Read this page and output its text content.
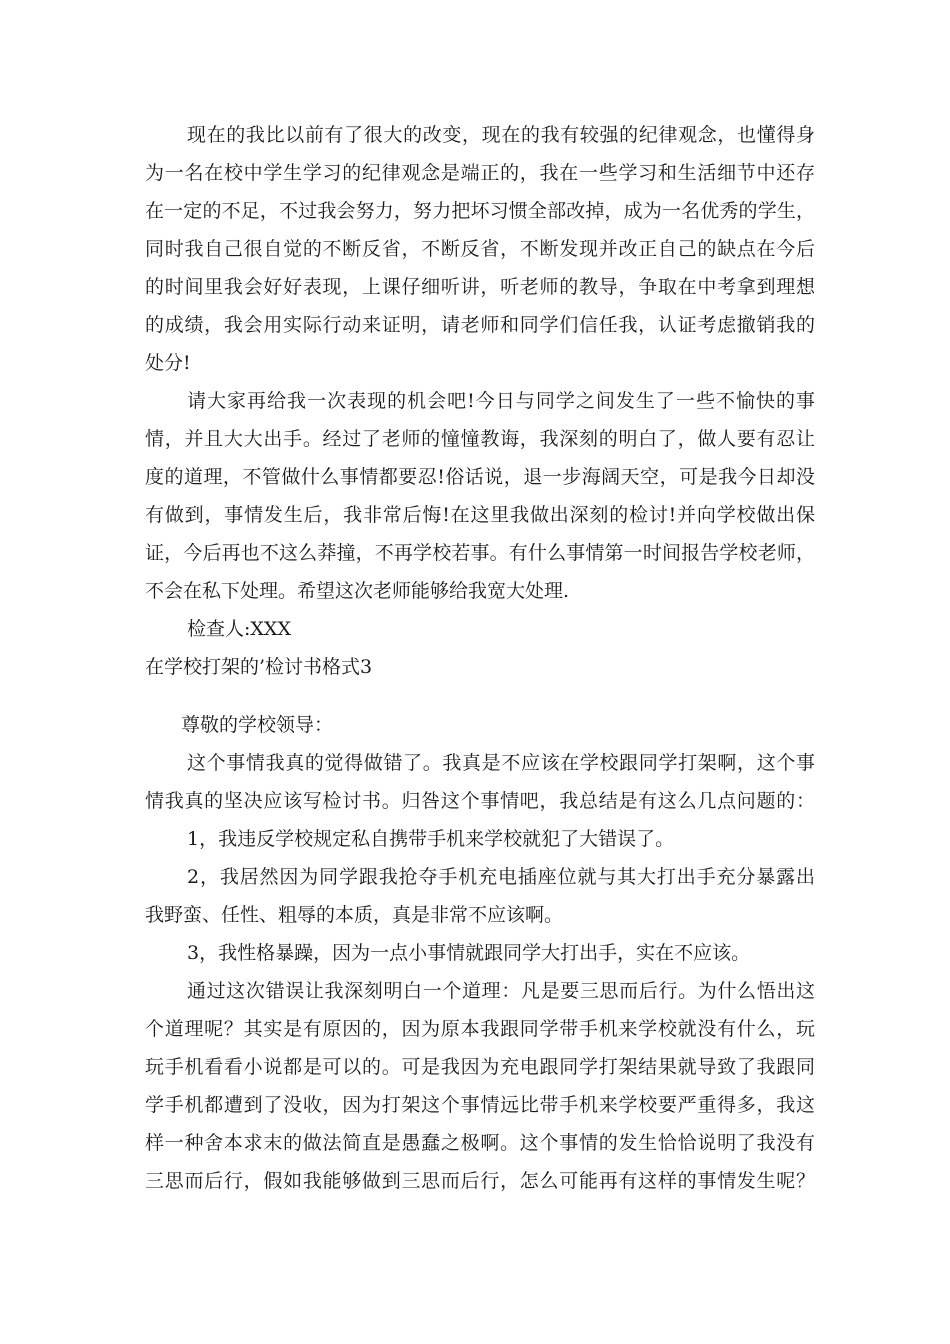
现在的我比以前有了很大的改变，现在的我有较强的纪律观念，也懂得身
为一名在校中学生学习的纪律观念是端正的，我在一些学习和生活细节中还存
在一定的不足，不过我会努力，努力把坏习惯全部改掉，成为一名优秀的学生，
同时我自己很自觉的不断反省，不断反省，不断发现并改正自己的缺点在今后
的时间里我会好好表现，上课仔细听讲，听老师的教导，争取在中考拿到理想
的成绩，我会用实际行动来证明，请老师和同学们信任我，认证考虑撤销我的
处分!
请大家再给我一次表现的机会吧!今日与同学之间发生了一些不愉快的事
情，并且大大出手。经过了老师的憧憧教诲，我深刻的明白了，做人要有忍让
度的道理，不管做什么事情都要忍!俗话说，退一步海阔天空，可是我今日却没
有做到，事情发生后，我非常后悔!在这里我做出深刻的检讨!并向学校做出保
证，今后再也不这么莽撞，不再学校若事。有什么事情第一时间报告学校老师，
不会在私下处理。希望这次老师能够给我宽大处理.
检查人:XXX
在学校打架的’检讨书格式3
尊敬的学校领导：
这个事情我真的觉得做错了。我真是不应该在学校跟同学打架啊，这个事
情我真的坚决应该写检讨书。归咎这个事情吧，我总结是有这么几点问题的：
1，我违反学校规定私自携带手机来学校就犯了大错误了。
2，我居然因为同学跟我抢夺手机充电插座位就与其大打出手充分暴露出
我野蛮、任性、粗辱的本质，真是非常不应该啊。
3，我性格暴躁，因为一点小事情就跟同学大打出手，实在不应该。
通过这次错误让我深刻明白一个道理：凡是要三思而后行。为什么悟出这
个道理呢？其实是有原因的，因为原本我跟同学带手机来学校就没有什么，玩
玩手机看看小说都是可以的。可是我因为充电跟同学打架结果就导致了我跟同
学手机都遭到了没收，因为打架这个事情远比带手机来学校要严重得多，我这
样一种舍本求末的做法简直是愚蠢之极啊。这个事情的发生恰恰说明了我没有
三思而后行，假如我能够做到三思而后行，怎么可能再有这样的事情发生呢？
